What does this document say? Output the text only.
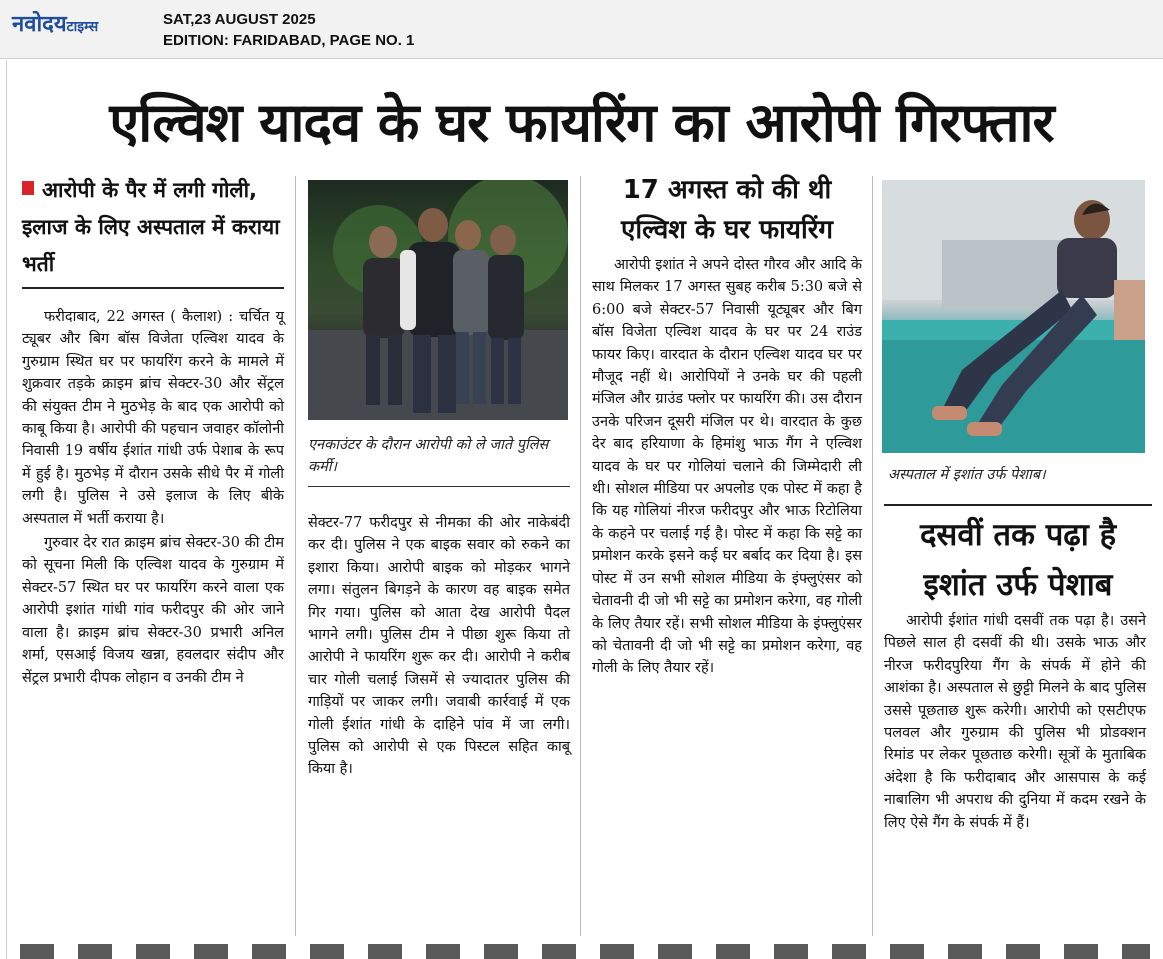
नवोदयटाइम्स	SAT,23 AUGUST 2025
EDITION: FARIDABAD, PAGE NO. 1
एल्विश यादव के घर फायरिंग का आरोपी गिरफ्तार
आरोपी के पैर में लगी गोली, इलाज के लिए अस्पताल में कराया भर्ती

फरीदाबाद, 22 अगस्त ( कैलाश) : चर्चित यू ट्यूबर और बिग बॉस विजेता एल्विश यादव के गुरुग्राम स्थित घर पर फायरिंग करने के मामले में शुक्रवार तड़के क्राइम ब्रांच सेक्टर-30 और सेंट्रल की संयुक्त टीम ने मुठभेड़ के बाद एक आरोपी को काबू किया है। आरोपी की पहचान जवाहर कॉलोनी निवासी 19 वर्षीय ईशांत गांधी उर्फ पेशाब के रूप में हुई है। मुठभेड़ में दौरान उसके सीधे पैर में गोली लगी है। पुलिस ने उसे इलाज के लिए बीके अस्पताल में भर्ती कराया है।

गुरुवार देर रात क्राइम ब्रांच सेक्टर-30 की टीम को सूचना मिली कि एल्विश यादव के गुरुग्राम में सेक्टर-57 स्थित घर पर फायरिंग करने वाला एक आरोपी इशांत गांधी गांव फरीदपुर की ओर जाने वाला है। क्राइम ब्रांच सेक्टर-30 प्रभारी अनिल शर्मा, एसआई विजय खन्ना, हवलदार संदीप और सेंट्रल प्रभारी दीपक लोहान व उनकी टीम ने

एनकाउंटर के दौरान आरोपी को ले जाते पुलिस कर्मी।

सेक्टर-77 फरीदपुर से नीमका की ओर नाकेबंदी कर दी। पुलिस ने एक बाइक सवार को रुकने का इशारा किया। आरोपी बाइक को मोड़कर भागने लगा। संतुलन बिगड़ने के कारण वह बाइक समेत गिर गया। पुलिस को आता देख आरोपी पैदल भागने लगी। पुलिस टीम ने पीछा शुरू किया तो आरोपी ने फायरिंग शुरू कर दी। आरोपी ने करीब चार गोली चलाई जिसमें से ज्यादातर पुलिस की गाड़ियों पर जाकर लगी। जवाबी कार्रवाई में एक गोली ईशांत गांधी के दाहिने पांव में जा लगी। पुलिस को आरोपी से एक पिस्टल सहित काबू किया है।

17 अगस्त को की थी एल्विश के घर फायरिंग

आरोपी इशांत ने अपने दोस्त गौरव और आदि के साथ मिलकर 17 अगस्त सुबह करीब 5:30 बजे से 6:00 बजे सेक्टर-57 निवासी यूट्यूबर और बिग बॉस विजेता एल्विश यादव के घर पर 24 राउंड फायर किए। वारदात के दौरान एल्विश यादव घर पर मौजूद नहीं थे। आरोपियों ने उनके घर की पहली मंजिल और ग्राउंड फ्लोर पर फायरिंग की। उस दौरान उनके परिजन दूसरी मंजिल पर थे। वारदात के कुछ देर बाद हरियाणा के हिमांशु भाऊ गैंग ने एल्विश यादव के घर पर गोलियां चलाने की जिम्मेदारी ली थी। सोशल मीडिया पर अपलोड एक पोस्ट में कहा है कि यह गोलियां नीरज फरीदपुर और भाऊ रिटोलिया के कहने पर चलाई गई है। पोस्ट में कहा कि सट्टे का प्रमोशन करके इसने कई घर बर्बाद कर दिया है। इस पोस्ट में उन सभी सोशल मीडिया के इंफ्लुएंसर को चेतावनी दी जो भी सट्टे का प्रमोशन करेगा, वह गोली के लिए तैयार रहें। सभी सोशल मीडिया के इंफ्लुएंसर को चेतावनी दी जो भी सट्टे का प्रमोशन करेगा, वह गोली के लिए तैयार रहें।

अस्पताल में इशांत उर्फ पेशाब।
दसवीं तक पढ़ा है इशांत उर्फ पेशाब

आरोपी ईशांत गांधी दसवीं तक पढ़ा है। उसने पिछले साल ही दसवीं की थी। उसके भाऊ और नीरज फरीदपुरिया गैंग के संपर्क में होने की आशंका है। अस्पताल से छुट्टी मिलने के बाद पुलिस उससे पूछताछ शुरू करेगी। आरोपी को एसटीएफ पलवल और गुरुग्राम की पुलिस भी प्रोडक्शन रिमांड पर लेकर पूछताछ करेगी। सूत्रों के मुताबिक अंदेशा है कि फरीदाबाद और आसपास के कई नाबालिग भी अपराध की दुनिया में कदम रखने के लिए ऐसे गैंग के संपर्क में हैं।
